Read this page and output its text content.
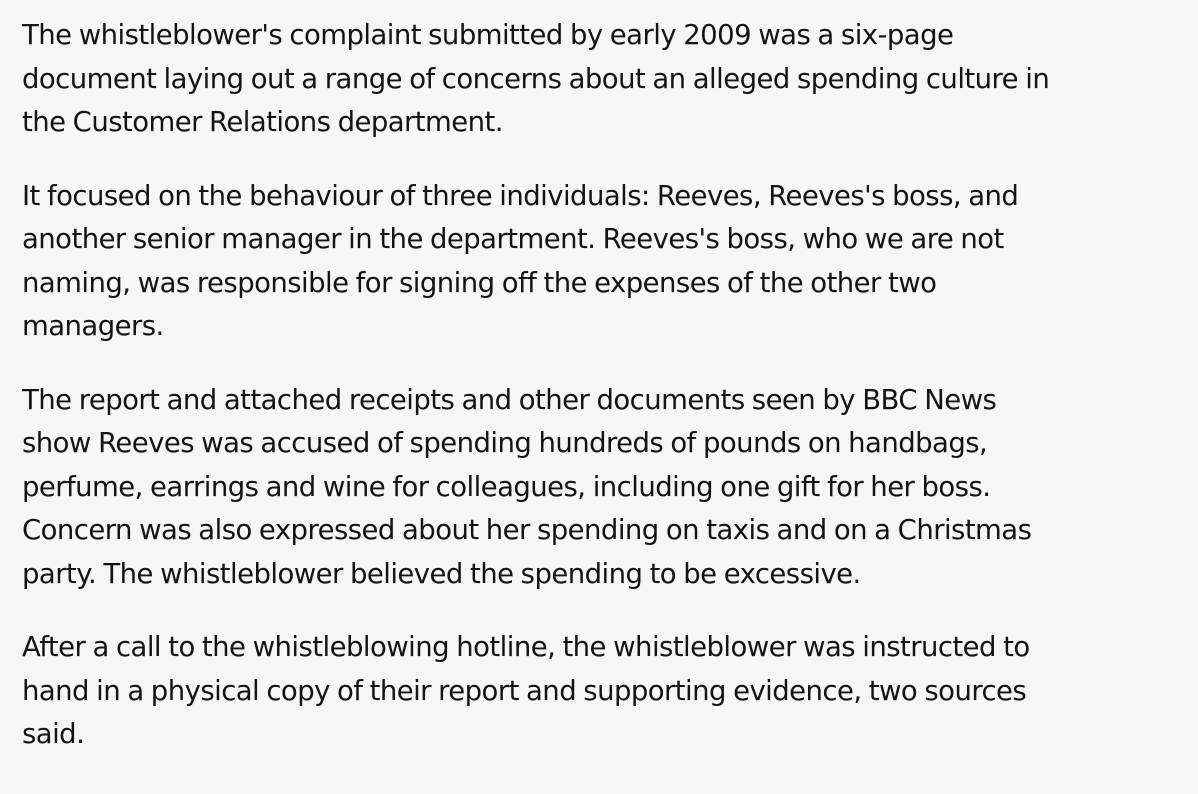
The whistleblower's complaint submitted by early 2009 was a six-page
document laying out a range of concerns about an alleged spending culture in
the Customer Relations department.

It focused on the behaviour of three individuals: Reeves, Reeves's boss, and
another senior manager in the department. Reeves's boss, who we are not
naming, was responsible for signing off the expenses of the other two
managers.

The report and attached receipts and other documents seen by BBC News
show Reeves was accused of spending hundreds of pounds on handbags,
perfume, earrings and wine for colleagues, including one gift for her boss.
Concern was also expressed about her spending on taxis and on a Christmas
party. The whistleblower believed the spending to be excessive.

After a call to the whistleblowing hotline, the whistleblower was instructed to
hand in a physical copy of their report and supporting evidence, two sources
said.
